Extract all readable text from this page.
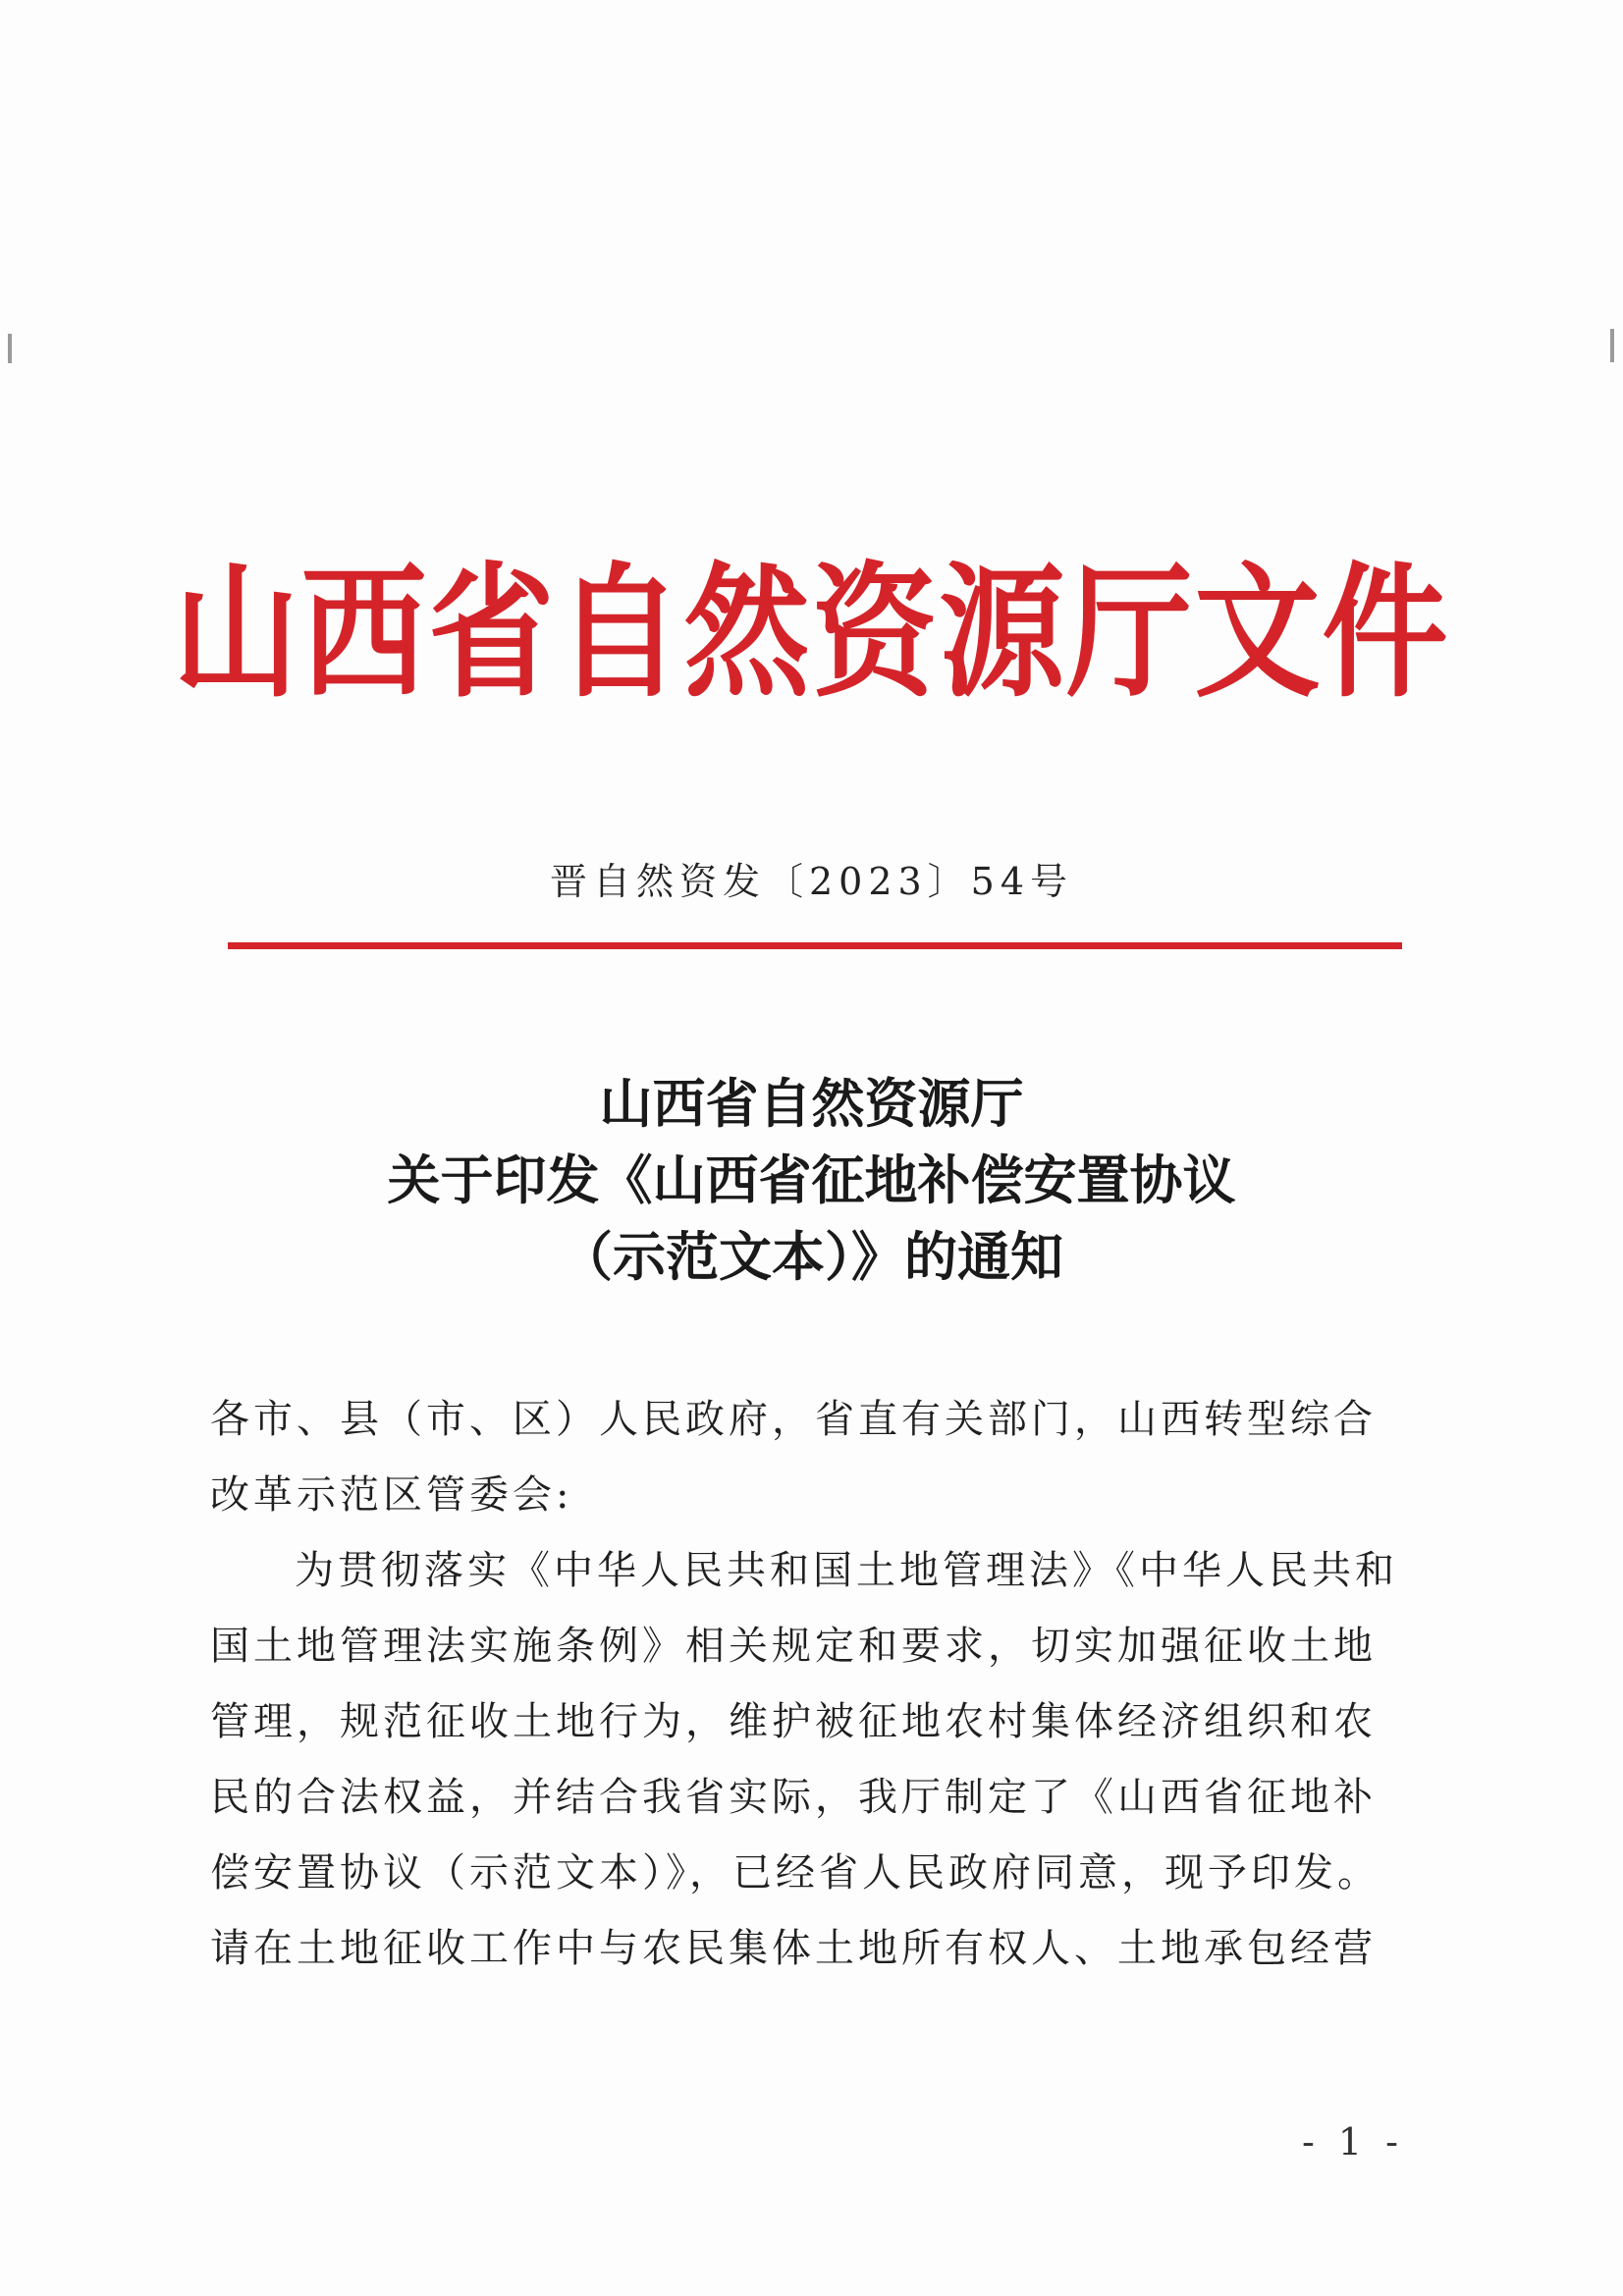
山西省自然资源厅文件
晋自然资发〔2023〕54号
山西省自然资源厅
关于印发《山西省征地补偿安置协议
（示范文本）》的通知
各市、县（市、区）人民政府，省直有关部门，山西转型综合
改革示范区管委会:
为贯彻落实《中华人民共和国土地管理法》《中华人民共和
国土地管理法实施条例》相关规定和要求，切实加强征收土地
管理，规范征收土地行为，维护被征地农村集体经济组织和农
民的合法权益，并结合我省实际，我厅制定了《山西省征地补
偿安置协议（示范文本）》，已经省人民政府同意，现予印发。
请在土地征收工作中与农民集体土地所有权人、土地承包经营
- 1 -
